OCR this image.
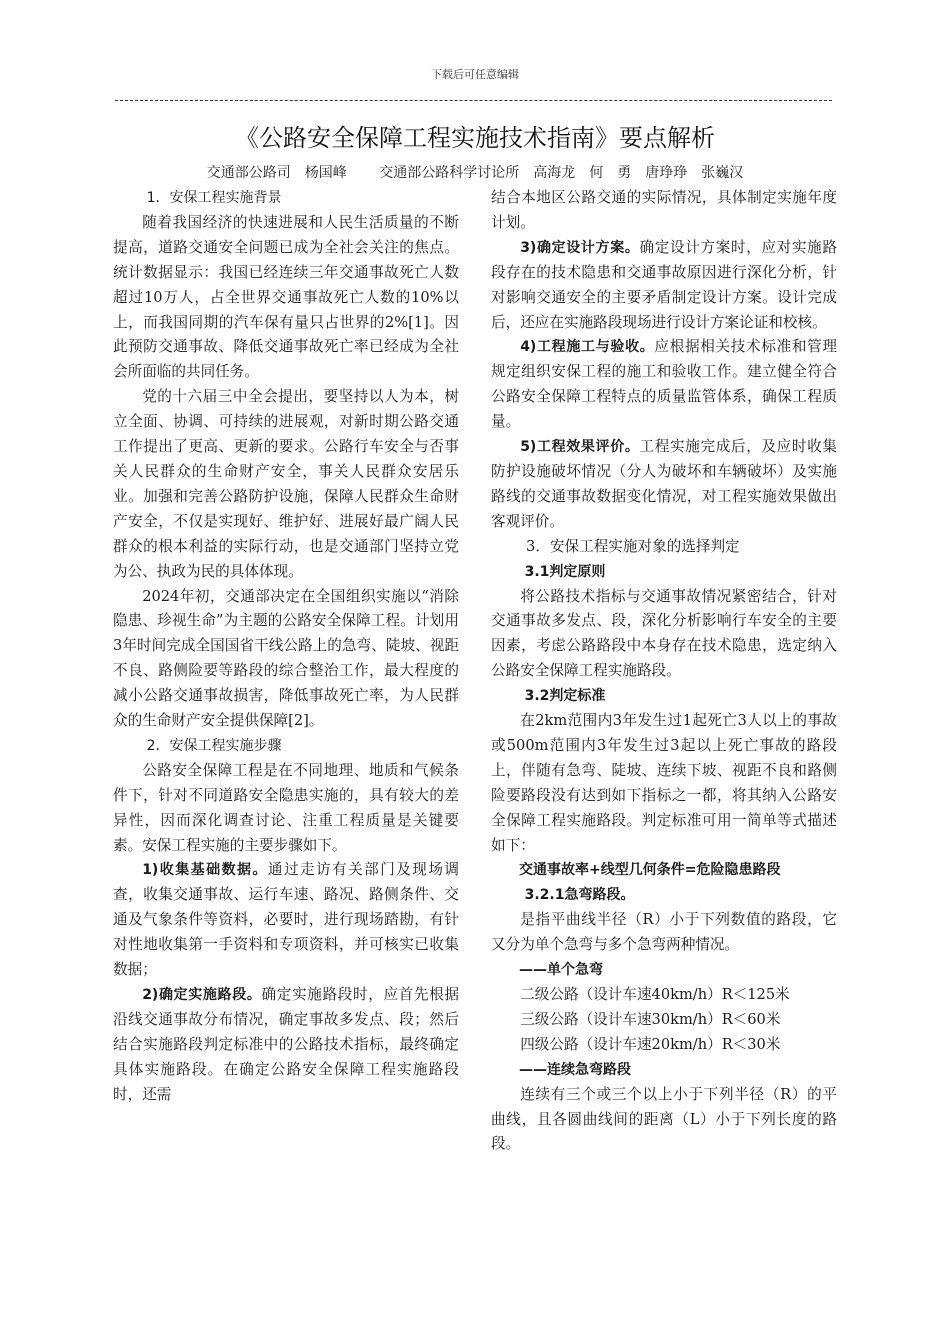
下载后可任意编辑
《公路安全保障工程实施技术指南》要点解析
交通部公路司　杨国峰 交通部公路科学讨论所　高海龙　何　勇　唐琤琤　张巍汉

1．安保工程实施背景

随着我国经济的快速进展和人民生活质量的不断提高，道路交通安全问题已成为全社会关注的焦点。统计数据显示：我国已经连续三年交通事故死亡人数超过10万人，占全世界交通事故死亡人数的10%以上，而我国同期的汽车保有量只占世界的2%[1]。因此预防交通事故、降低交通事故死亡率已经成为全社会所面临的共同任务。

党的十六届三中全会提出，要坚持以人为本，树立全面、协调、可持续的进展观，对新时期公路交通工作提出了更高、更新的要求。公路行车安全与否事关人民群众的生命财产安全，事关人民群众安居乐业。加强和完善公路防护设施，保障人民群众生命财产安全，不仅是实现好、维护好、进展好最广阔人民群众的根本利益的实际行动，也是交通部门坚持立党为公、执政为民的具体体现。

2024年初，交通部决定在全国组织实施以“消除隐患、珍视生命”为主题的公路安全保障工程。计划用3年时间完成全国国省干线公路上的急弯、陡坡、视距不良、路侧险要等路段的综合整治工作，最大程度的减小公路交通事故损害，降低事故死亡率，为人民群众的生命财产安全提供保障[2]。

2．安保工程实施步骤

公路安全保障工程是在不同地理、地质和气候条件下，针对不同道路安全隐患实施的，具有较大的差异性，因而深化调查讨论、注重工程质量是关键要素。安保工程实施的主要步骤如下。

1)收集基础数据。通过走访有关部门及现场调查，收集交通事故、运行车速、路况、路侧条件、交通及气象条件等资料，必要时，进行现场踏勘，有针对性地收集第一手资料和专项资料，并可核实已收集数据；

2)确定实施路段。确定实施路段时，应首先根据沿线交通事故分布情况，确定事故多发点、段；然后结合实施路段判定标准中的公路技术指标，最终确定具体实施路段。在确定公路安全保障工程实施路段时，还需

结合本地区公路交通的实际情况，具体制定实施年度计划。

3)确定设计方案。确定设计方案时，应对实施路段存在的技术隐患和交通事故原因进行深化分析，针对影响交通安全的主要矛盾制定设计方案。设计完成后，还应在实施路段现场进行设计方案论证和校核。

4)工程施工与验收。应根据相关技术标准和管理规定组织安保工程的施工和验收工作。建立健全符合公路安全保障工程特点的质量监管体系，确保工程质量。

5)工程效果评价。工程实施完成后，及应时收集防护设施破坏情况（分人为破坏和车辆破坏）及实施路线的交通事故数据变化情况，对工程实施效果做出客观评价。

3．安保工程实施对象的选择判定

3.1判定原则

将公路技术指标与交通事故情况紧密结合，针对交通事故多发点、段，深化分析影响行车安全的主要因素，考虑公路路段中本身存在技术隐患，选定纳入公路安全保障工程实施路段。

3.2判定标准

在2km范围内3年发生过1起死亡3人以上的事故或500m范围内3年发生过3起以上死亡事故的路段上，伴随有急弯、陡坡、连续下坡、视距不良和路侧险要路段没有达到如下指标之一都，将其纳入公路安全保障工程实施路段。判定标准可用一简单等式描述如下：

交通事故率+线型几何条件=危险隐患路段

3.2.1急弯路段。

是指平曲线半径（R）小于下列数值的路段，它又分为单个急弯与多个急弯两种情况。

——单个急弯

二级公路（设计车速40km/h）R＜125米

三级公路（设计车速30km/h）R＜60米

四级公路（设计车速20km/h）R＜30米

——连续急弯路段

连续有三个或三个以上小于下列半径（R）的平曲线，且各圆曲线间的距离（L）小于下列长度的路段。
